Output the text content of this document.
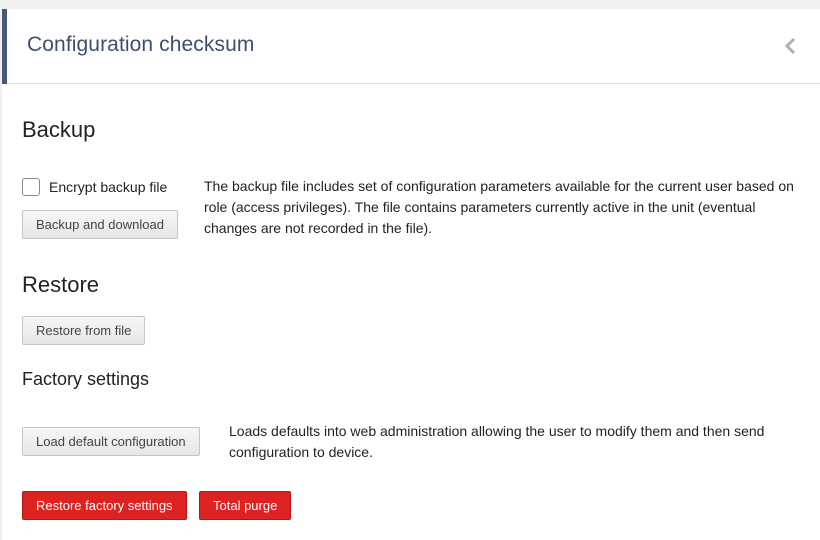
Configuration checksum
Backup
Encrypt backup file
Backup and download

The backup file includes set of configuration parameters available for the current user based on role (access privileges). The file contains parameters currently active in the unit (eventual changes are not recorded in the file).

Restore
Restore from file
Factory settings
Load default configuration

Loads defaults into web administration allowing the user to modify them and then send configuration to device.

Restore factory settings	Total purge
